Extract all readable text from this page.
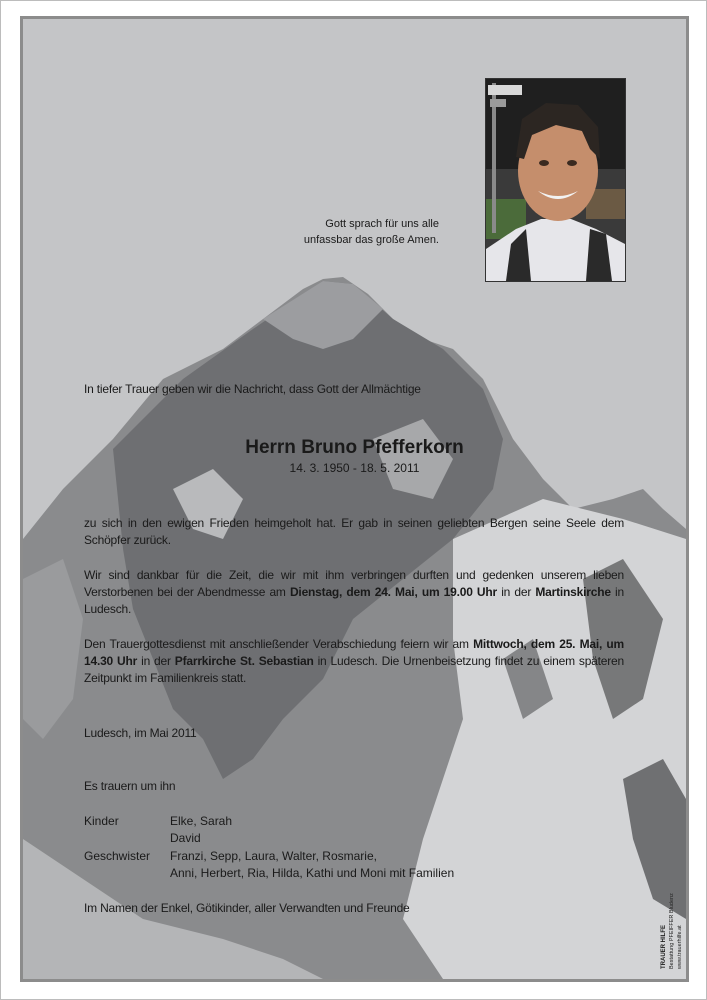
Gott sprach für uns alle
unfassbar das große Amen.
In tiefer Trauer geben wir die Nachricht, dass Gott der Allmächtige
Herrn Bruno Pfefferkorn
14. 3. 1950 - 18. 5. 2011
zu sich in den ewigen Frieden heimgeholt hat. Er gab in seinen geliebten Bergen seine Seele dem Schöpfer zurück.
Wir sind dankbar für die Zeit, die wir mit ihm verbringen durften und gedenken unserem lieben Verstorbenen bei der Abendmesse am Dienstag, dem 24. Mai, um 19.00 Uhr in der Martinskirche in Ludesch.
Den Trauergottesdienst mit anschließender Verabschiedung feiern wir am Mittwoch, dem 25. Mai, um 14.30 Uhr in der Pfarrkirche St. Sebastian in Ludesch. Die Urnenbeisetzung findet zu einem späteren Zeitpunkt im Familienkreis statt.
Ludesch, im Mai 2011
Es trauern um ihn
Kinder	Elke, Sarah
David
Geschwister Franzi, Sepp, Laura, Walter, Rosmarie,
Anni, Herbert, Ria, Hilda, Kathi und Moni mit Familien
Im Namen der Enkel, Götikinder, aller Verwandten und Freunde
TRAUER HILFE Bestattung PFEIFFER Bludenz www.trauerhilfe.at
